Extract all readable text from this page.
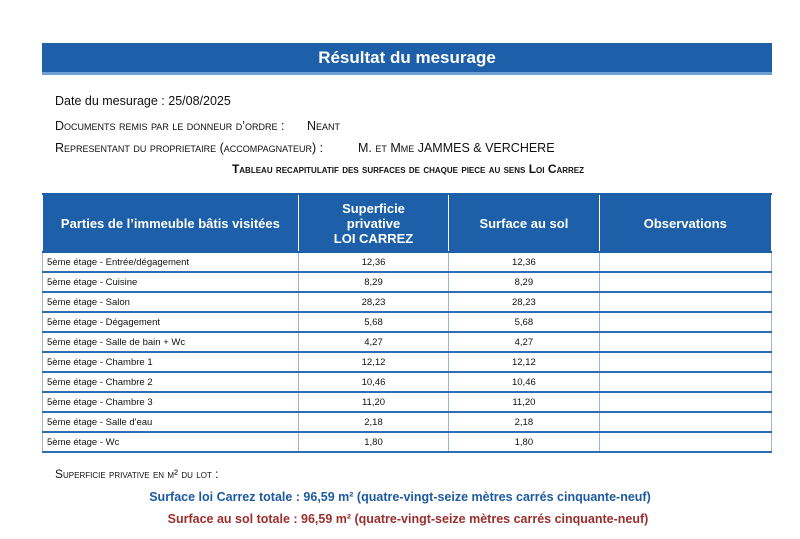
Résultat du mesurage
Date du mesurage : 25/08/2025
Documents remis par le donneur d’ordre : Neant
Representant du proprietaire (accompagnateur) :	M. et Mme JAMMES & VERCHERE
Tableau recapitulatif des surfaces de chaque piece au sens Loi Carrez
Parties de l’immeuble bâtis visitées	Superficie
privative
LOI CARREZ	Surface au sol	Observations
5ème étage - Entrée/dégagement	12,36	12,36	
5ème étage - Cuisine	8,29	8,29	
5ème étage - Salon	28,23	28,23	
5ème étage - Dégagement	5,68	5,68	
5ème étage - Salle de bain + Wc	4,27	4,27	
5ème étage - Chambre 1	12,12	12,12	
5ème étage - Chambre 2	10,46	10,46	
5ème étage - Chambre 3	11,20	11,20	
5ème étage - Salle d'eau	2,18	2,18	
5ème étage - Wc	1,80	1,80	
Superficie privative en m² du lot :
Surface loi Carrez totale : 96,59 m² (quatre-vingt-seize mètres carrés cinquante-neuf)
Surface au sol totale : 96,59 m² (quatre-vingt-seize mètres carrés cinquante-neuf)
